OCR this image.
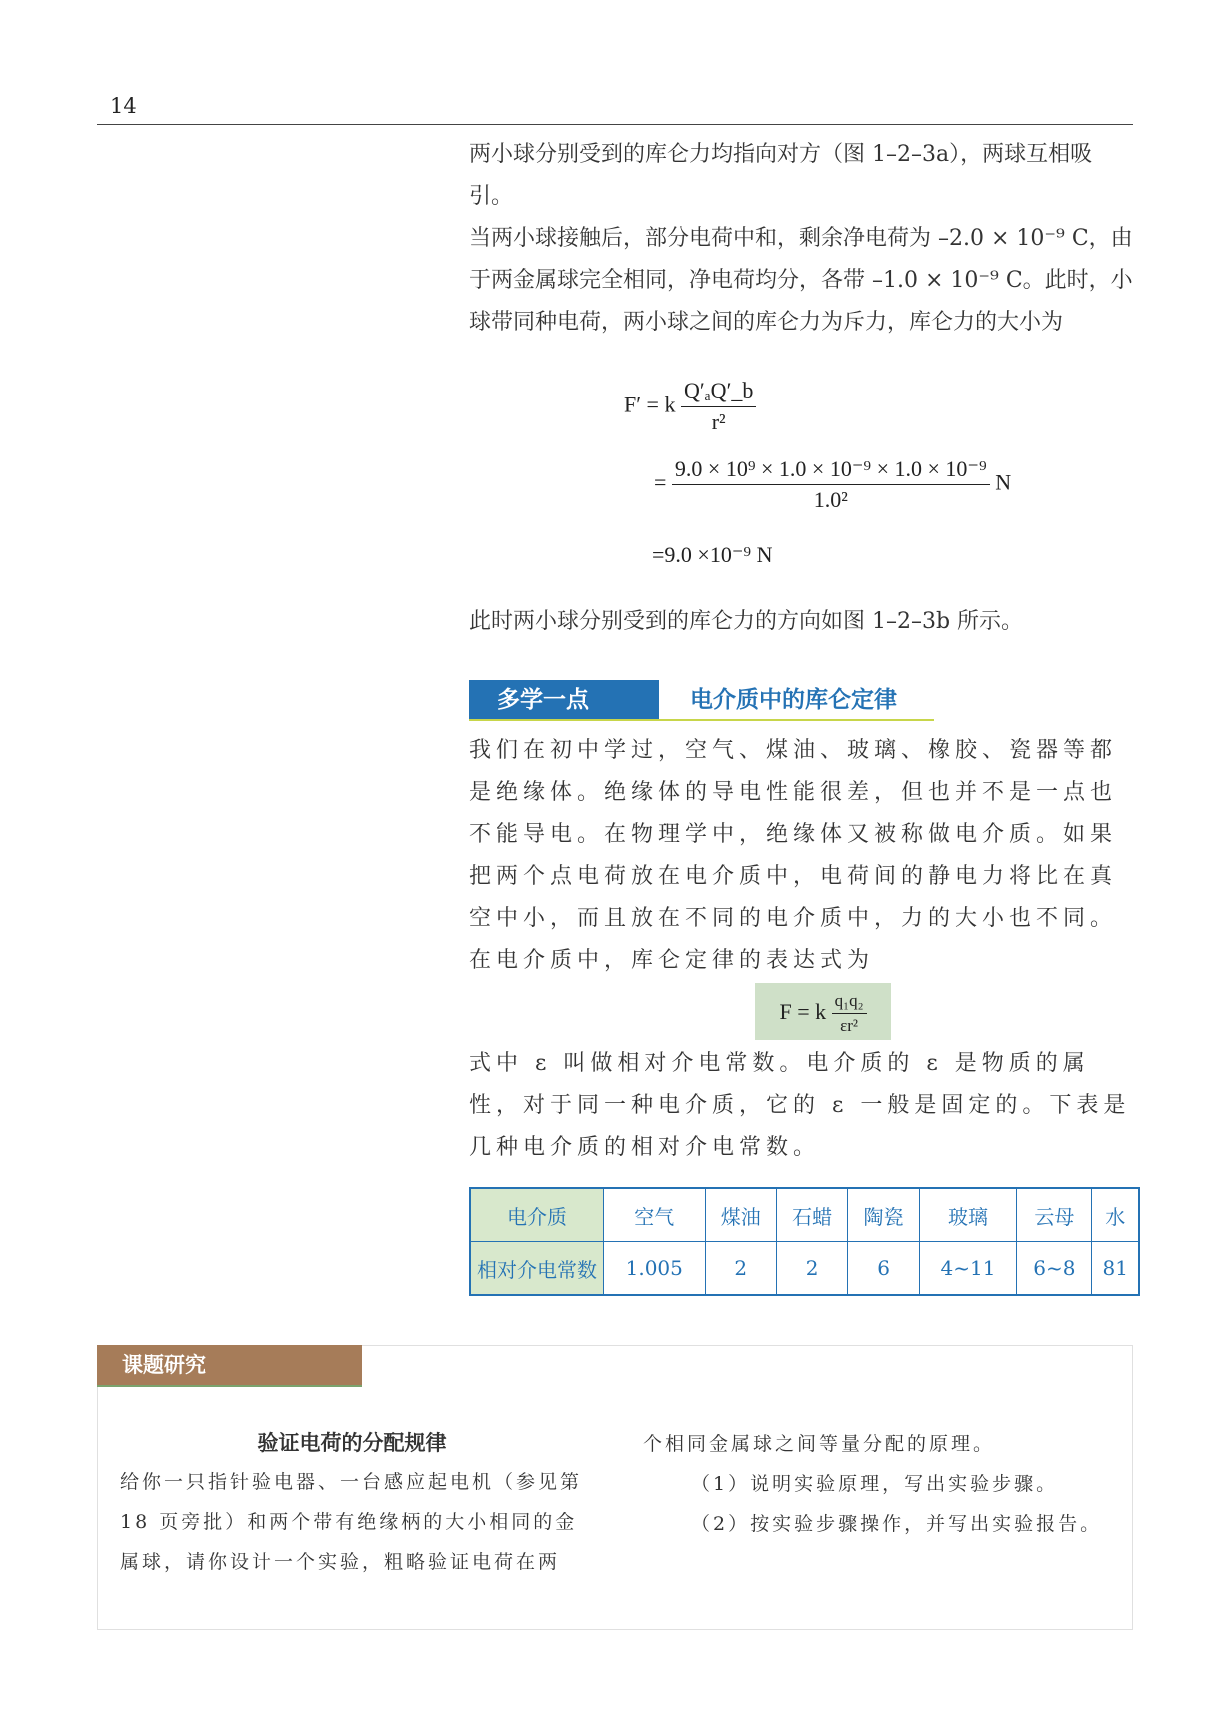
14
两小球分别受到的库仑力均指向对方（图 1–2–3a），两球互相吸引。
当两小球接触后，部分电荷中和，剩余净电荷为 –2.0 × 10⁻⁹ C，由于两金属球完全相同，净电荷均分，各带 –1.0 × 10⁻⁹ C。此时，小球带同种电荷，两小球之间的库仑力为斥力，库仑力的大小为
F′ = k $\frac{\text{Q′ₐQ′\_b}}{\text{r²}}$
= $\frac{\text{9.0 × 10⁹ × 1.0 × 10⁻⁹ × 1.0 × 10⁻⁹}}{\text{1.0²}}$ N
=9.0 ×10⁻⁹ N
此时两小球分别受到的库仑力的方向如图 1–2–3b 所示。
多学一点	电介质中的库仑定律
我们在初中学过，空气、煤油、玻璃、橡胶、瓷器等都是绝缘体。绝缘体的导电性能很差，但也并不是一点也不能导电。在物理学中，绝缘体又被称做电介质。如果把两个点电荷放在电介质中，电荷间的静电力将比在真空中小，而且放在不同的电介质中，力的大小也不同。在电介质中，库仑定律的表达式为
F = k $\frac{\text{q₁q₂}}{\text{εr²}}$
式中 ε 叫做相对介电常数。电介质的 ε 是物质的属性，对于同一种电介质，它的 ε 一般是固定的。下表是几种电介质的相对介电常数。
电介质	空气	煤油	石蜡	陶瓷	玻璃	云母	水
相对介电常数	1.005	2	2	6	4~11	6~8	81
课题研究
验证电荷的分配规律
给你一只指针验电器、一台感应起电机（参见第 18 页旁批）和两个带有绝缘柄的大小相同的金属球，请你设计一个实验，粗略验证电荷在两
个相同金属球之间等量分配的原理。
（1）说明实验原理，写出实验步骤。
（2）按实验步骤操作，并写出实验报告。
